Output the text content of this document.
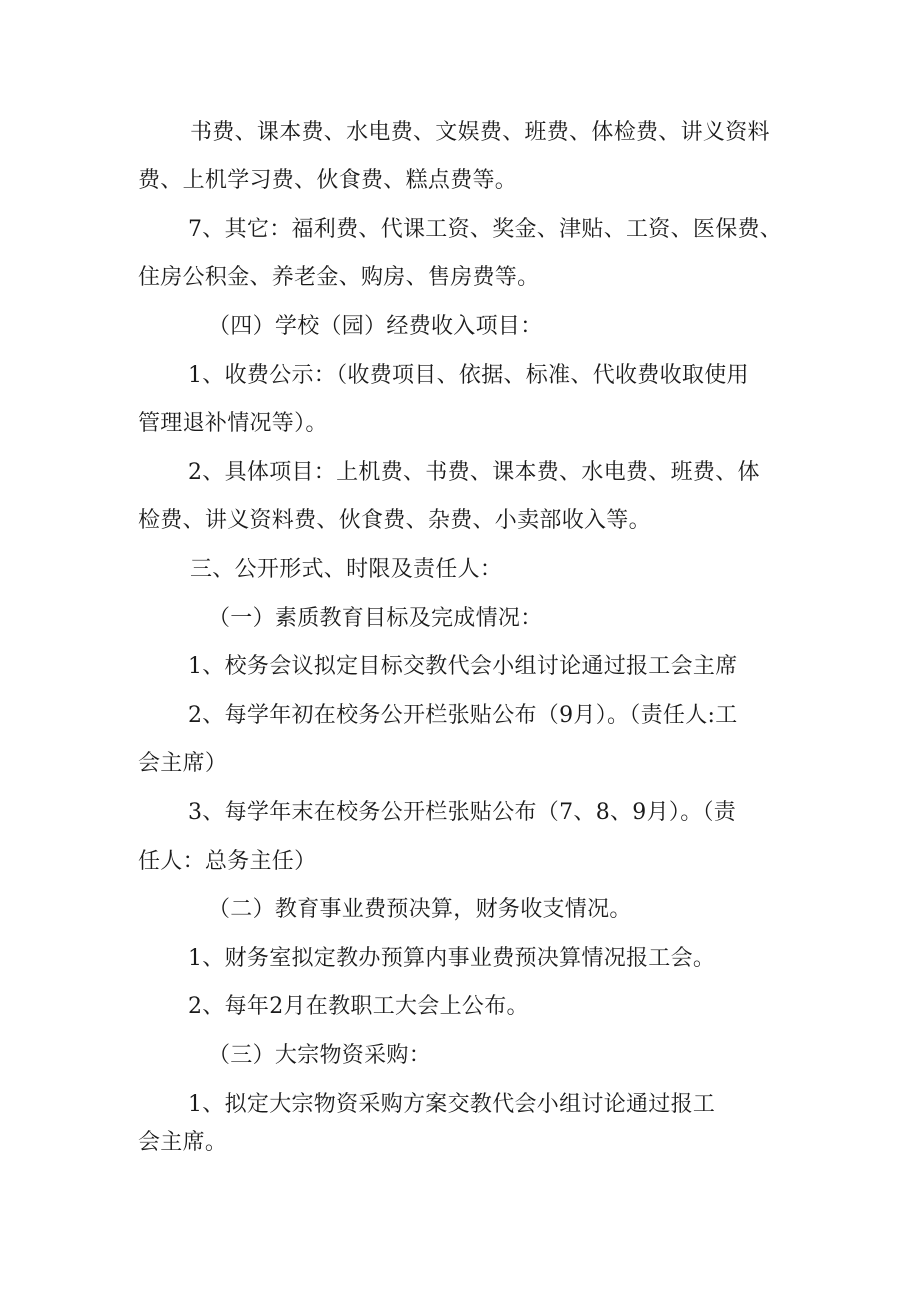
书费、课本费、水电费、文娱费、班费、体检费、讲义资料
费、上机学习费、伙食费、糕点费等。
7、其它：福利费、代课工资、奖金、津贴、工资、医保费、
住房公积金、养老金、购房、售房费等。
（四）学校（园）经费收入项目：
1、收费公示：（收费项目、依据、标准、代收费收取使用
管理退补情况等）。
2、具体项目：上机费、书费、课本费、水电费、班费、体
检费、讲义资料费、伙食费、杂费、小卖部收入等。
三、公开形式、时限及责任人：
（一）素质教育目标及完成情况：
1、校务会议拟定目标交教代会小组讨论通过报工会主席
2、每学年初在校务公开栏张贴公布（9月）。（责任人:工
会主席）
3、每学年末在校务公开栏张贴公布（7、8、9月）。（责
任人：总务主任）
（二）教育事业费预决算，财务收支情况。
1、财务室拟定教办预算内事业费预决算情况报工会。
2、每年2月在教职工大会上公布。
（三）大宗物资采购：
1、拟定大宗物资采购方案交教代会小组讨论通过报工
会主席。
